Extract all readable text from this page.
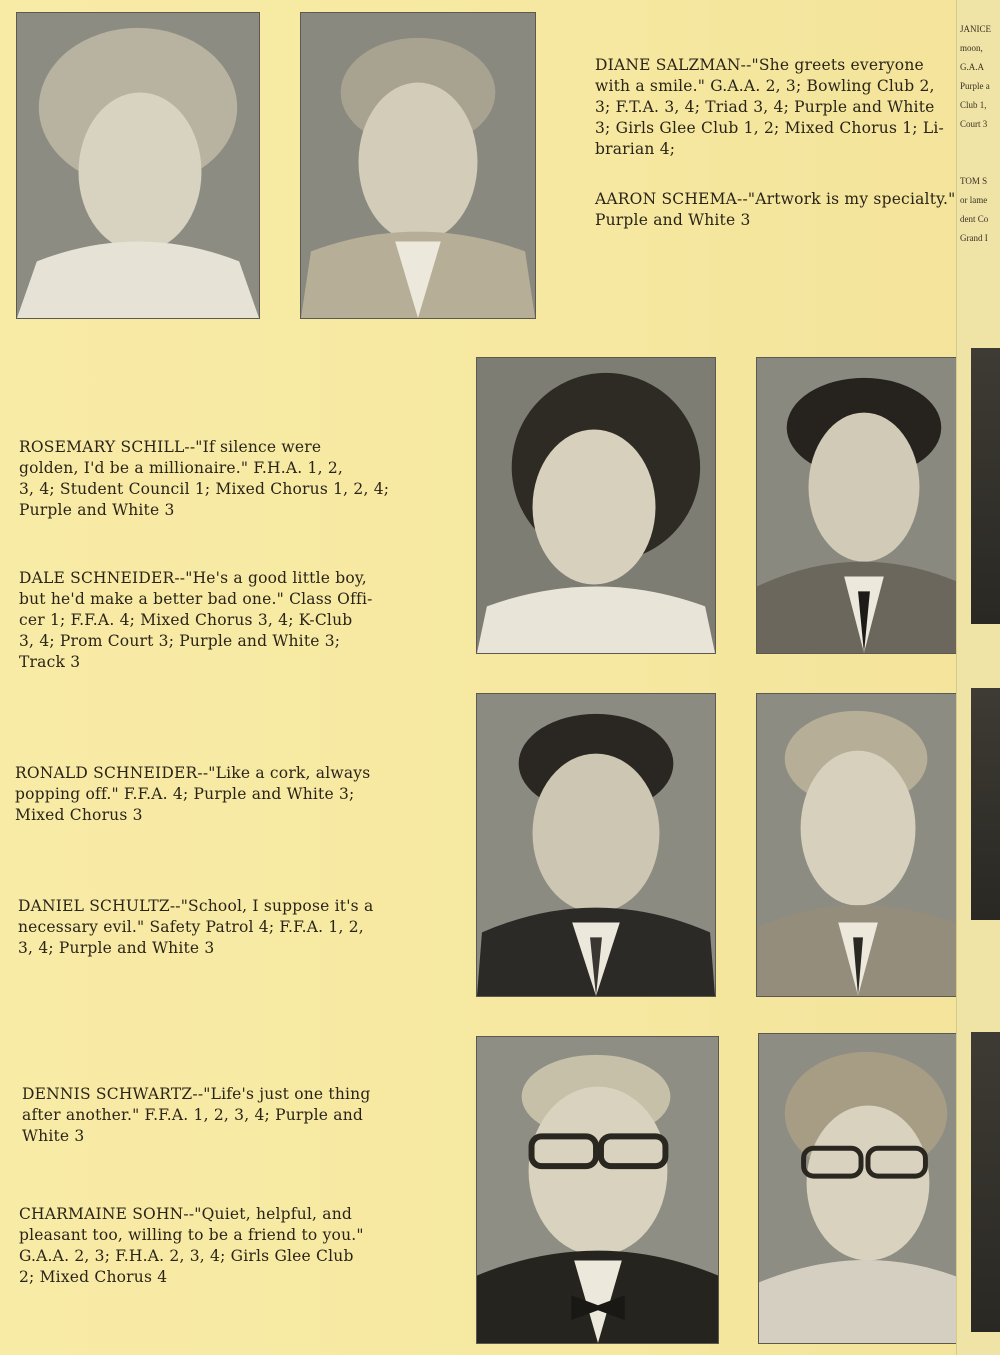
DIANE SALZMAN--"She greets everyone
with a smile." G.A.A. 2, 3; Bowling Club 2,
3; F.T.A. 3, 4; Triad 3, 4; Purple and White
3; Girls Glee Club 1, 2; Mixed Chorus 1; Li-
brarian 4;
AARON SCHEMA--"Artwork is my specialty."
Purple and White 3
ROSEMARY SCHILL--"If silence were
golden, I'd be a millionaire." F.H.A. 1, 2,
3, 4; Student Council 1; Mixed Chorus 1, 2, 4;
Purple and White 3
DALE SCHNEIDER--"He's a good little boy,
but he'd make a better bad one." Class Offi-
cer 1; F.F.A. 4; Mixed Chorus 3, 4; K-Club
3, 4; Prom Court 3; Purple and White 3;
Track 3
RONALD SCHNEIDER--"Like a cork, always
popping off." F.F.A. 4; Purple and White 3;
Mixed Chorus 3
DANIEL SCHULTZ--"School, I suppose it's a
necessary evil." Safety Patrol 4; F.F.A. 1, 2,
3, 4; Purple and White 3
DENNIS SCHWARTZ--"Life's just one thing
after another." F.F.A. 1, 2, 3, 4; Purple and
White 3
CHARMAINE SOHN--"Quiet, helpful, and
pleasant too, willing to be a friend to you."
G.A.A. 2, 3; F.H.A. 2, 3, 4; Girls Glee Club
2; Mixed Chorus 4
JANICE
moon,
G.A.A
Purple a
Club 1,
Court 3
TOM S
or lame
dent Co
Grand I
